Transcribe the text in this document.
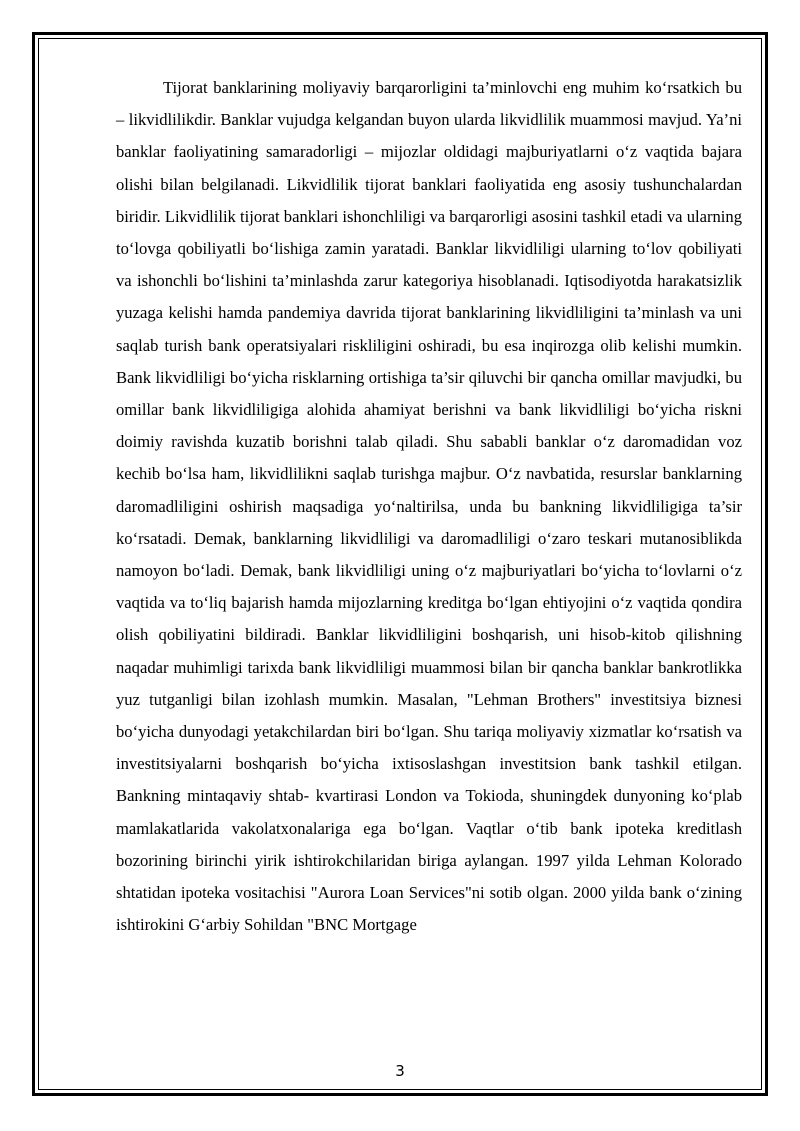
Tijorat banklarining moliyaviy barqarorligini ta’minlovchi eng muhim ko‘rsatkich bu – likvidlilikdir. Banklar vujudga kelgandan buyon ularda likvidlilik muammosi mavjud. Ya’ni banklar faoliyatining samaradorligi – mijozlar oldidagi majburiyatlarni o‘z vaqtida bajara olishi bilan belgilanadi. Likvidlilik tijorat banklari faoliyatida eng asosiy tushunchalardan biridir. Likvidlilik tijorat banklari ishonchliligi va barqarorligi asosini tashkil etadi va ularning to‘lovga qobiliyatli bo‘lishiga zamin yaratadi. Banklar likvidliligi ularning to‘lov qobiliyati va ishonchli bo‘lishini ta’minlashda zarur kategoriya hisoblanadi. Iqtisodiyotda harakatsizlik yuzaga kelishi hamda pandemiya davrida tijorat banklarining likvidliligini ta’minlash va uni saqlab turish bank operatsiyalari riskliligini oshiradi, bu esa inqirozga olib kelishi mumkin. Bank likvidliligi bo‘yicha risklarning ortishiga ta’sir qiluvchi bir qancha omillar mavjudki, bu omillar bank likvidliligiga alohida ahamiyat berishni va bank likvidliligi bo‘yicha riskni doimiy ravishda kuzatib borishni talab qiladi. Shu sababli banklar o‘z daromadidan voz kechib bo‘lsa ham, likvidlilikni saqlab turishga majbur. O‘z navbatida, resurslar banklarning daromadliligini oshirish maqsadiga yo‘naltirilsa, unda bu bankning likvidliligiga ta’sir ko‘rsatadi. Demak, banklarning likvidliligi va daromadliligi o‘zaro teskari mutanosiblikda namoyon bo‘ladi. Demak, bank likvidliligi uning o‘z majburiyatlari bo‘yicha to‘lovlarni o‘z vaqtida va to‘liq bajarish hamda mijozlarning kreditga bo‘lgan ehtiyojini o‘z vaqtida qondira olish qobiliyatini bildiradi. Banklar likvidliligini boshqarish, uni hisob-kitob qilishning naqadar muhimligi tarixda bank likvidliligi muammosi bilan bir qancha banklar bankrotlikka yuz tutganligi bilan izohlash mumkin. Masalan, "Lehman Brothers" investitsiya biznesi bo‘yicha dunyodagi yetakchilardan biri bo‘lgan. Shu tariqa moliyaviy xizmatlar ko‘rsatish va investitsiyalarni boshqarish bo‘yicha ixtisoslashgan investitsion bank tashkil etilgan. Bankning mintaqaviy shtab- kvartirasi London va Tokioda, shuningdek dunyoning ko‘plab mamlakatlarida vakolatxonalariga ega bo‘lgan. Vaqtlar o‘tib bank ipoteka kreditlash bozorining birinchi yirik ishtirokchilaridan biriga aylangan. 1997 yilda Lehman Kolorado shtatidan ipoteka vositachisi "Aurora Loan Services"ni sotib olgan. 2000 yilda bank o‘zining ishtirokini G‘arbiy Sohildan "BNC Mortgage

3
